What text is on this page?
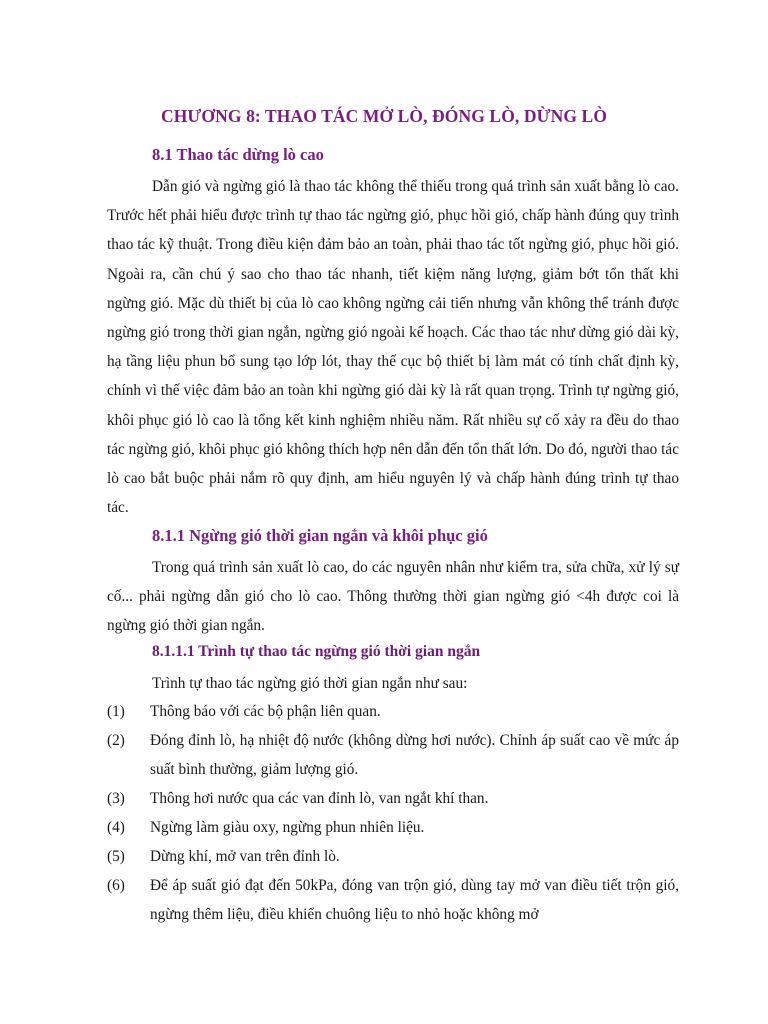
CHƯƠNG 8: THAO TÁC MỞ LÒ, ĐÓNG LÒ, DỪNG LÒ
8.1 Thao tác dừng lò cao

Dẫn gió và ngừng gió là thao tác không thể thiếu trong quá trình sản xuất bằng lò cao. Trước hết phải hiểu được trình tự thao tác ngừng gió, phục hồi gió, chấp hành đúng quy trình thao tác kỹ thuật. Trong điều kiện đảm bảo an toàn, phải thao tác tốt ngừng gió, phục hồi gió. Ngoài ra, cần chú ý sao cho thao tác nhanh, tiết kiệm năng lượng, giảm bớt tổn thất khi ngừng gió. Mặc dù thiết bị của lò cao không ngừng cải tiến nhưng vẫn không thể tránh được ngừng gió trong thời gian ngắn, ngừng gió ngoài kế hoạch. Các thao tác như dừng gió dài kỳ, hạ tầng liệu phun bổ sung tạo lớp lót, thay thế cục bộ thiết bị làm mát có tính chất định kỳ, chính vì thế việc đảm bảo an toàn khi ngừng gió dài kỳ là rất quan trọng. Trình tự ngừng gió, khôi phục gió lò cao là tổng kết kinh nghiệm nhiều năm. Rất nhiều sự cố xảy ra đều do thao tác ngừng gió, khôi phục gió không thích hợp nên dẫn đến tổn thất lớn. Do đó, người thao tác lò cao bắt buộc phải nắm rõ quy định, am hiểu nguyên lý và chấp hành đúng trình tự thao tác.

8.1.1 Ngừng gió thời gian ngắn và khôi phục gió

Trong quá trình sản xuất lò cao, do các nguyên nhân như kiểm tra, sửa chữa, xử lý sự cố... phải ngừng dẫn gió cho lò cao. Thông thường thời gian ngừng gió <4h được coi là ngừng gió thời gian ngắn.

8.1.1.1 Trình tự thao tác ngừng gió thời gian ngắn
Trình tự thao tác ngừng gió thời gian ngắn như sau:
(1) Thông báo với các bộ phận liên quan.
(2) Đóng đỉnh lò, hạ nhiệt độ nước (không dừng hơi nước). Chỉnh áp suất cao về mức áp suất bình thường, giảm lượng gió.
(3) Thông hơi nước qua các van đỉnh lò, van ngắt khí than.
(4) Ngừng làm giàu oxy, ngừng phun nhiên liệu.
(5) Dừng khí, mở van trên đỉnh lò.
(6) Để áp suất gió đạt đến 50kPa, đóng van trộn gió, dùng tay mở van điều tiết trộn gió, ngừng thêm liệu, điều khiển chuông liệu to nhỏ hoặc không mở
